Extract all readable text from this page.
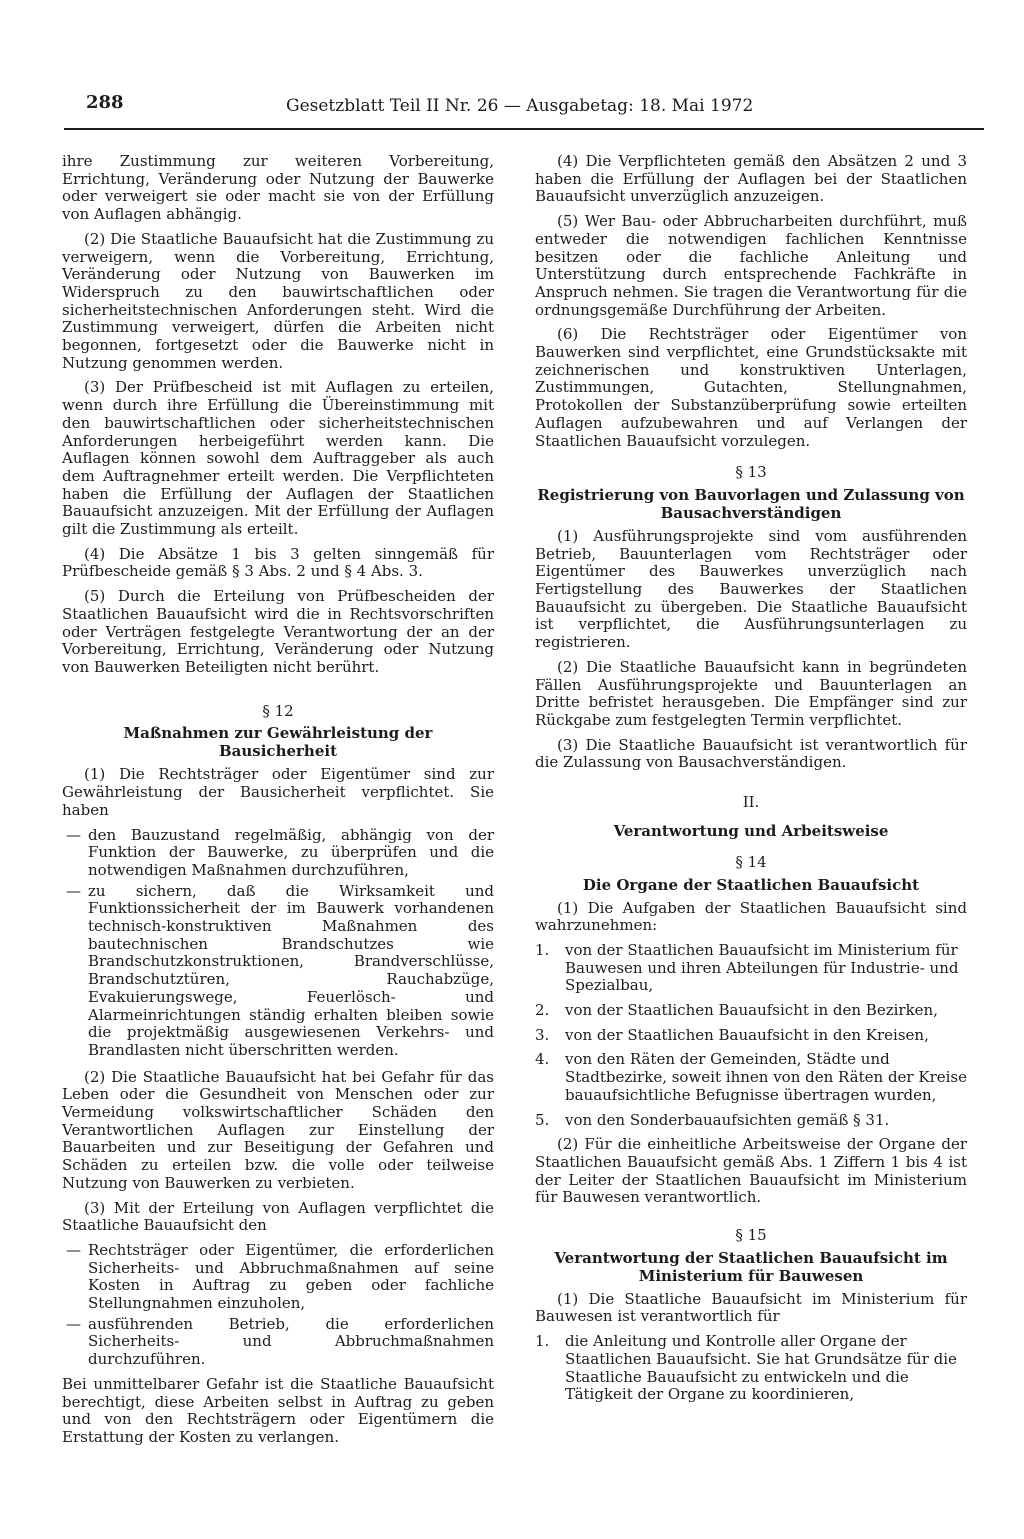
288	Gesetzblatt Teil II Nr. 26 — Ausgabetag: 18. Mai 1972

ihre Zustimmung zur weiteren Vorbereitung, Errichtung, Veränderung oder Nutzung der Bauwerke oder verweigert sie oder macht sie von der Erfüllung von Auflagen abhängig.

(2) Die Staatliche Bauaufsicht hat die Zustimmung zu verweigern, wenn die Vorbereitung, Errichtung, Veränderung oder Nutzung von Bauwerken im Widerspruch zu den bauwirtschaftlichen oder sicherheitstechnischen Anforderungen steht. Wird die Zustimmung verweigert, dürfen die Arbeiten nicht begonnen, fortgesetzt oder die Bauwerke nicht in Nutzung genommen werden.

(3) Der Prüfbescheid ist mit Auflagen zu erteilen, wenn durch ihre Erfüllung die Übereinstimmung mit den bauwirtschaftlichen oder sicherheitstechnischen Anforderungen herbeigeführt werden kann. Die Auflagen können sowohl dem Auftraggeber als auch dem Auftragnehmer erteilt werden. Die Verpflichteten haben die Erfüllung der Auflagen der Staatlichen Bauaufsicht anzuzeigen. Mit der Erfüllung der Auflagen gilt die Zustimmung als erteilt.

(4) Die Absätze 1 bis 3 gelten sinngemäß für Prüfbescheide gemäß § 3 Abs. 2 und § 4 Abs. 3.

(5) Durch die Erteilung von Prüfbescheiden der Staatlichen Bauaufsicht wird die in Rechtsvorschriften oder Verträgen festgelegte Verantwortung der an der Vorbereitung, Errichtung, Veränderung oder Nutzung von Bauwerken Beteiligten nicht berührt.

§ 12
Maßnahmen zur Gewährleistung der Bausicherheit

(1) Die Rechtsträger oder Eigentümer sind zur Gewährleistung der Bausicherheit verpflichtet. Sie haben

— den Bauzustand regelmäßig, abhängig von der Funktion der Bauwerke, zu überprüfen und die notwendigen Maßnahmen durchzuführen,
— zu sichern, daß die Wirksamkeit und Funktionssicherheit der im Bauwerk vorhandenen technisch-konstruktiven Maßnahmen des bautechnischen Brandschutzes wie Brandschutzkonstruktionen, Brandverschlüsse, Brandschutztüren, Rauchabzüge, Evakuierungswege, Feuerlösch- und Alarmeinrichtungen ständig erhalten bleiben sowie die projektmäßig ausgewiesenen Verkehrs- und Brandlasten nicht überschritten werden.

(2) Die Staatliche Bauaufsicht hat bei Gefahr für das Leben oder die Gesundheit von Menschen oder zur Vermeidung volkswirtschaftlicher Schäden den Verantwortlichen Auflagen zur Einstellung der Bauarbeiten und zur Beseitigung der Gefahren und Schäden zu erteilen bzw. die volle oder teilweise Nutzung von Bauwerken zu verbieten.

(3) Mit der Erteilung von Auflagen verpflichtet die Staatliche Bauaufsicht den

— Rechtsträger oder Eigentümer, die erforderlichen Sicherheits- und Abbruchmaßnahmen auf seine Kosten in Auftrag zu geben oder fachliche Stellungnahmen einzuholen,
— ausführenden Betrieb, die erforderlichen Sicherheits- und Abbruchmaßnahmen durchzuführen.

Bei unmittelbarer Gefahr ist die Staatliche Bauaufsicht berechtigt, diese Arbeiten selbst in Auftrag zu geben und von den Rechtsträgern oder Eigentümern die Erstattung der Kosten zu verlangen.

(4) Die Verpflichteten gemäß den Absätzen 2 und 3 haben die Erfüllung der Auflagen bei der Staatlichen Bauaufsicht unverzüglich anzuzeigen.

(5) Wer Bau- oder Abbrucharbeiten durchführt, muß entweder die notwendigen fachlichen Kenntnisse besitzen oder die fachliche Anleitung und Unterstützung durch entsprechende Fachkräfte in Anspruch nehmen. Sie tragen die Verantwortung für die ordnungsgemäße Durchführung der Arbeiten.

(6) Die Rechtsträger oder Eigentümer von Bauwerken sind verpflichtet, eine Grundstücksakte mit zeichnerischen und konstruktiven Unterlagen, Zustimmungen, Gutachten, Stellungnahmen, Protokollen der Substanzüberprüfung sowie erteilten Auflagen aufzubewahren und auf Verlangen der Staatlichen Bauaufsicht vorzulegen.

§ 13
Registrierung von Bauvorlagen und Zulassung von Bausachverständigen

(1) Ausführungsprojekte sind vom ausführenden Betrieb, Bauunterlagen vom Rechtsträger oder Eigentümer des Bauwerkes unverzüglich nach Fertigstellung des Bauwerkes der Staatlichen Bauaufsicht zu übergeben. Die Staatliche Bauaufsicht ist verpflichtet, die Ausführungsunterlagen zu registrieren.

(2) Die Staatliche Bauaufsicht kann in begründeten Fällen Ausführungsprojekte und Bauunterlagen an Dritte befristet herausgeben. Die Empfänger sind zur Rückgabe zum festgelegten Termin verpflichtet.

(3) Die Staatliche Bauaufsicht ist verantwortlich für die Zulassung von Bausachverständigen.

II.
Verantwortung und Arbeitsweise
§ 14
Die Organe der Staatlichen Bauaufsicht

(1) Die Aufgaben der Staatlichen Bauaufsicht sind wahrzunehmen:

1. von der Staatlichen Bauaufsicht im Ministerium für Bauwesen und ihren Abteilungen für Industrie- und Spezialbau,
2. von der Staatlichen Bauaufsicht in den Bezirken,
3. von der Staatlichen Bauaufsicht in den Kreisen,
4. von den Räten der Gemeinden, Städte und Stadtbezirke, soweit ihnen von den Räten der Kreise bauaufsichtliche Befugnisse übertragen wurden,
5. von den Sonderbauaufsichten gemäß § 31.

(2) Für die einheitliche Arbeitsweise der Organe der Staatlichen Bauaufsicht gemäß Abs. 1 Ziffern 1 bis 4 ist der Leiter der Staatlichen Bauaufsicht im Ministerium für Bauwesen verantwortlich.

§ 15
Verantwortung der Staatlichen Bauaufsicht im Ministerium für Bauwesen

(1) Die Staatliche Bauaufsicht im Ministerium für Bauwesen ist verantwortlich für

1. die Anleitung und Kontrolle aller Organe der Staatlichen Bauaufsicht. Sie hat Grundsätze für die Staatliche Bauaufsicht zu entwickeln und die Tätigkeit der Organe zu koordinieren,
